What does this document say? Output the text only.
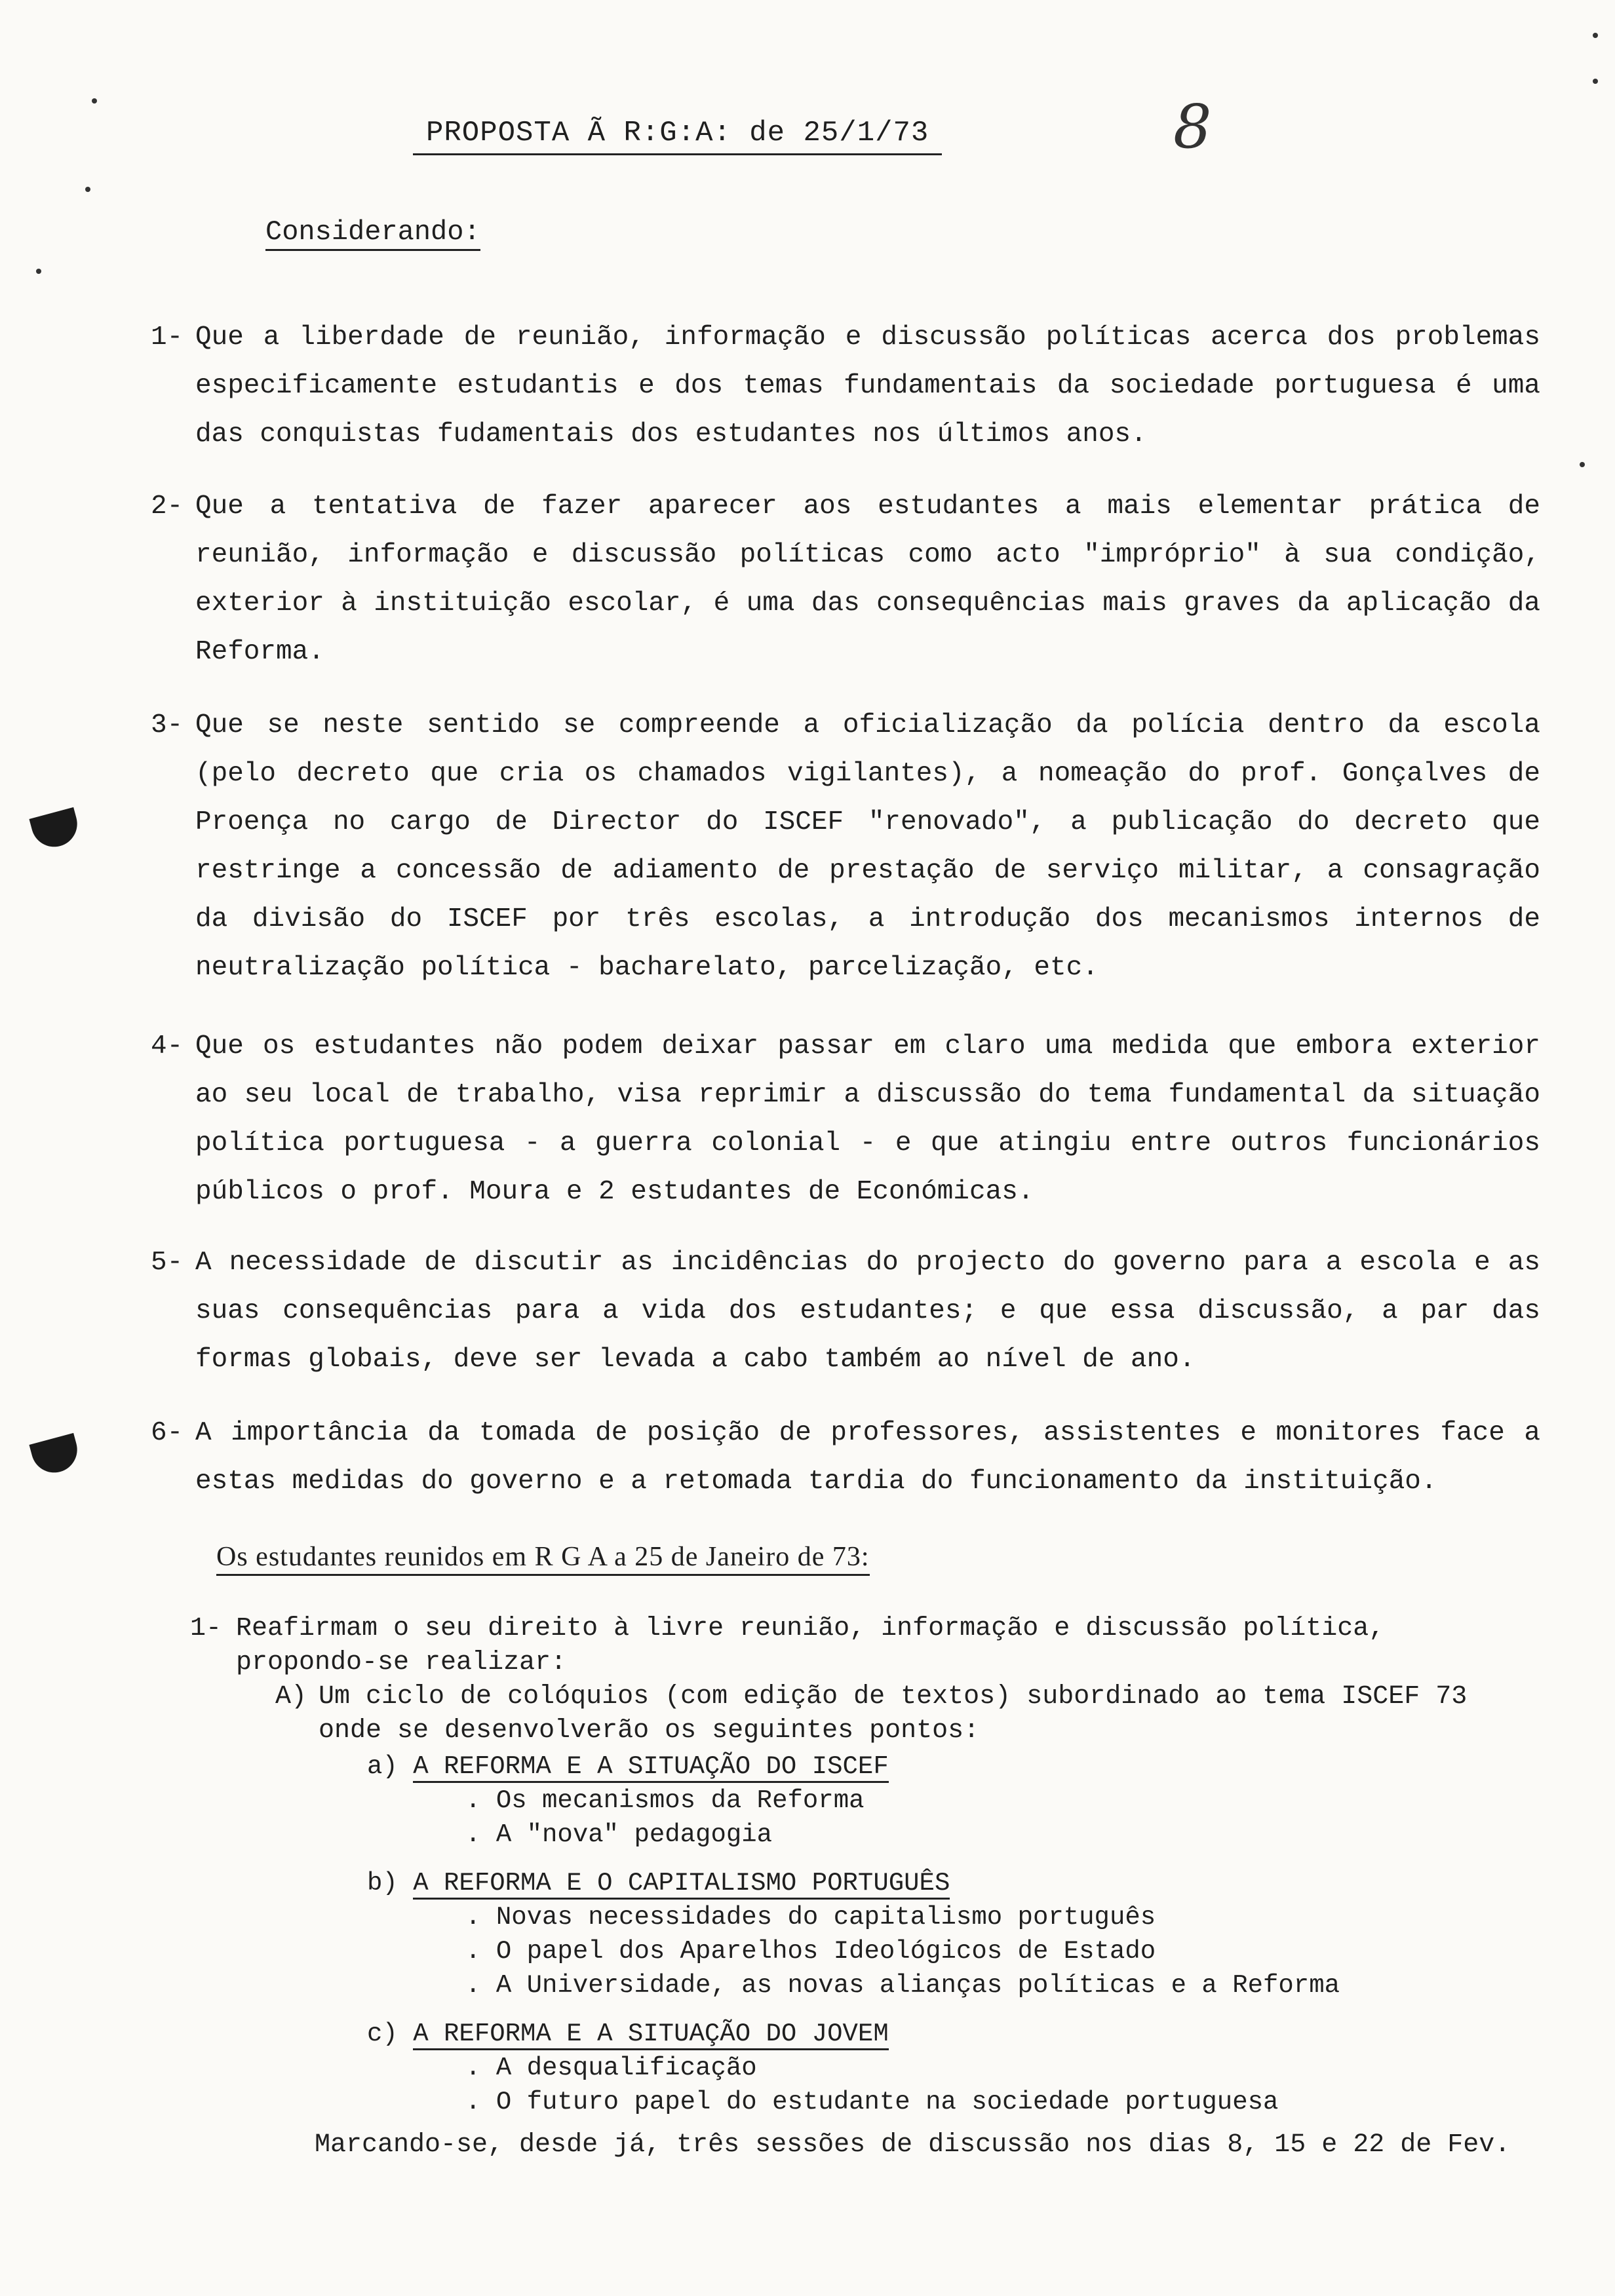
PROPOSTA Ã R:G:A: de 25/1/73	8
Considerando:
1- Que a liberdade de reunião, informação e discussão políticas acerca dos problemas especificamente estudantis e dos temas fundamentais da sociedade portuguesa é uma das conquistas fudamentais dos estudantes nos últimos anos.
2- Que a tentativa de fazer aparecer aos estudantes a mais elementar prática de reunião, informação e discussão políticas como acto "impróprio" à sua condição, exterior à instituição escolar, é uma das consequências mais graves da aplicação da Reforma.
3- Que se neste sentido se compreende a oficialização da polícia dentro da escola (pelo decreto que cria os chamados vigilantes), a nomeação do prof. Gonçalves de Proença no cargo de Director do ISCEF "renovado", a publicação do decreto que restringe a concessão de adiamento de prestação de serviço militar, a consagração da divisão do ISCEF por três escolas, a introdução dos mecanismos internos de neutralização política - bacharelato, parcelização, etc.
4- Que os estudantes não podem deixar passar em claro uma medida que embora exterior ao seu local de trabalho, visa reprimir a discussão do tema fundamental da situação política portuguesa - a guerra colonial - e que atingiu entre outros funcionários públicos o prof. Moura e 2 estudantes de Económicas.
5- A necessidade de discutir as incidências do projecto do governo para a escola e as suas consequências para a vida dos estudantes; e que essa discussão, a par das formas globais, deve ser levada a cabo também ao nível de ano.
6- A importância da tomada de posição de professores, assistentes e monitores face a estas medidas do governo e a retomada tardia do funcionamento da instituição.
Os estudantes reunidos em R G A a 25 de Janeiro de 73:
1- Reafirmam o seu direito à livre reunião, informação e discussão política, propondo-se realizar:
A) Um ciclo de colóquios (com edição de textos) subordinado ao tema ISCEF 73 onde se desenvolverão os seguintes pontos:
a) A REFORMA E A SITUAÇÃO DO ISCEF
. Os mecanismos da Reforma
. A "nova" pedagogia
b) A REFORMA E O CAPITALISMO PORTUGUÊS
. Novas necessidades do capitalismo português
. O papel dos Aparelhos Ideológicos de Estado
. A Universidade, as novas alianças políticas e a Reforma
c) A REFORMA E A SITUAÇÃO DO JOVEM
. A desqualificação
. O futuro papel do estudante na sociedade portuguesa
Marcando-se, desde já, três sessões de discussão nos dias 8, 15 e 22 de Fev.
